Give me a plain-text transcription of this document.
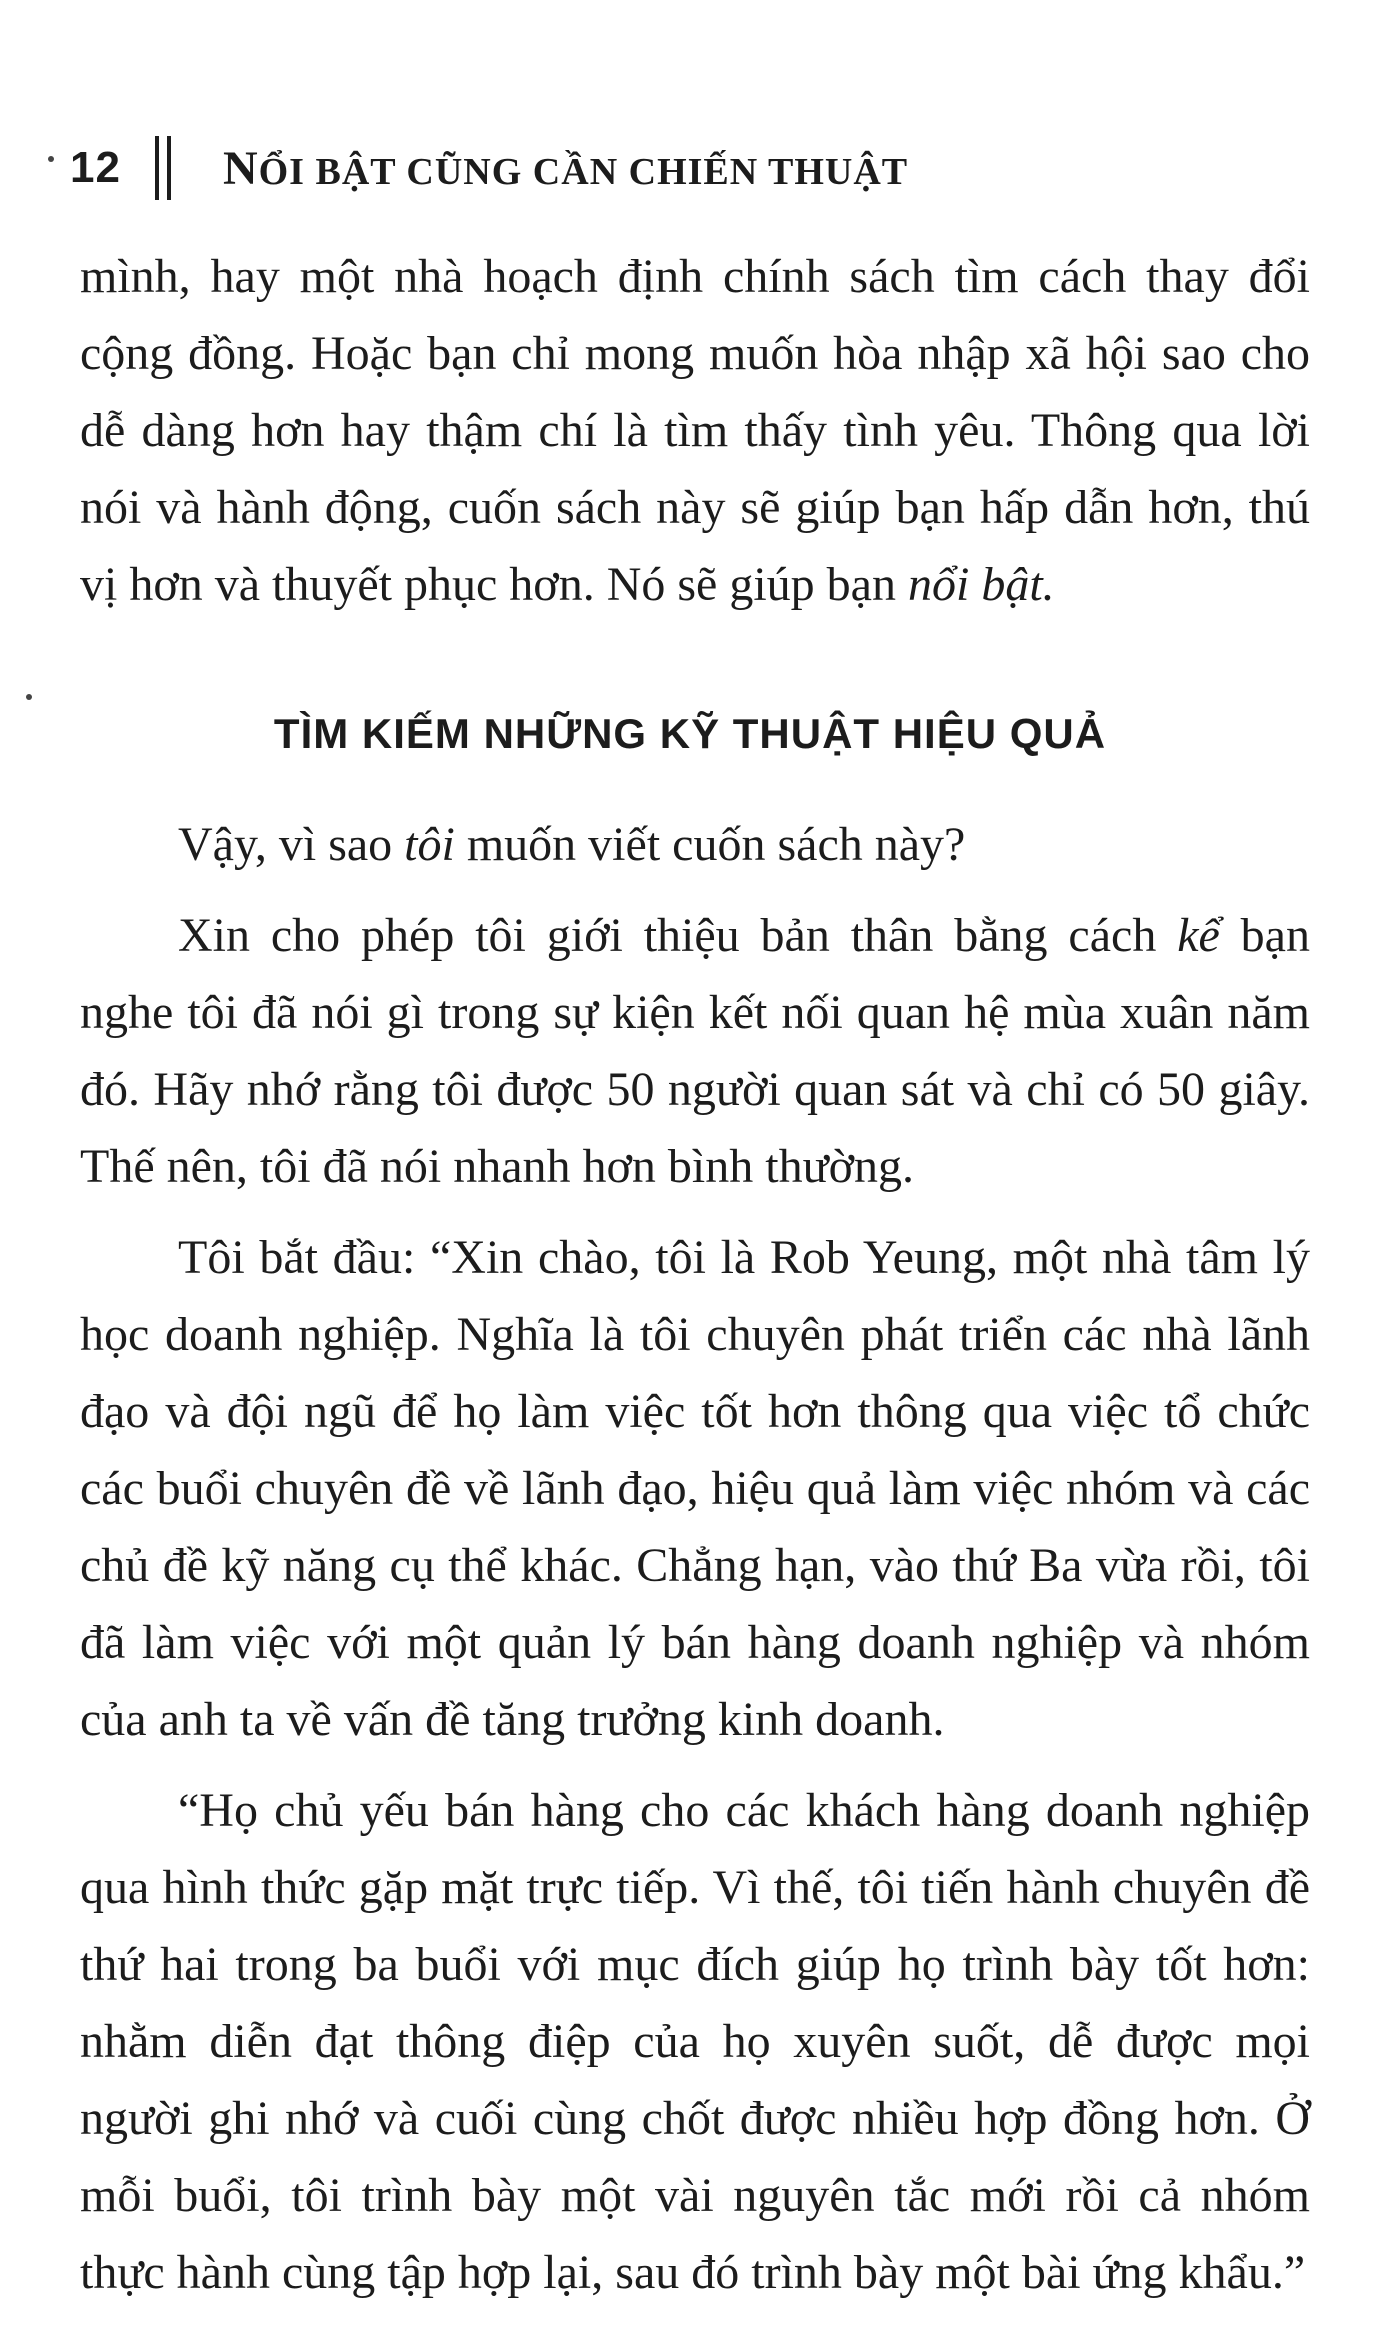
12 NỔI BẬT CŨNG CẦN CHIẾN THUẬT

mình, hay một nhà hoạch định chính sách tìm cách thay đổi cộng đồng. Hoặc bạn chỉ mong muốn hòa nhập xã hội sao cho dễ dàng hơn hay thậm chí là tìm thấy tình yêu. Thông qua lời nói và hành động, cuốn sách này sẽ giúp bạn hấp dẫn hơn, thú vị hơn và thuyết phục hơn. Nó sẽ giúp bạn nổi bật.

TÌM KIẾM NHỮNG KỸ THUẬT HIỆU QUẢ

Vậy, vì sao tôi muốn viết cuốn sách này?

Xin cho phép tôi giới thiệu bản thân bằng cách kể bạn nghe tôi đã nói gì trong sự kiện kết nối quan hệ mùa xuân năm đó. Hãy nhớ rằng tôi được 50 người quan sát và chỉ có 50 giây. Thế nên, tôi đã nói nhanh hơn bình thường.

Tôi bắt đầu: “Xin chào, tôi là Rob Yeung, một nhà tâm lý học doanh nghiệp. Nghĩa là tôi chuyên phát triển các nhà lãnh đạo và đội ngũ để họ làm việc tốt hơn thông qua việc tổ chức các buổi chuyên đề về lãnh đạo, hiệu quả làm việc nhóm và các chủ đề kỹ năng cụ thể khác. Chẳng hạn, vào thứ Ba vừa rồi, tôi đã làm việc với một quản lý bán hàng doanh nghiệp và nhóm của anh ta về vấn đề tăng trưởng kinh doanh.

“Họ chủ yếu bán hàng cho các khách hàng doanh nghiệp qua hình thức gặp mặt trực tiếp. Vì thế, tôi tiến hành chuyên đề thứ hai trong ba buổi với mục đích giúp họ trình bày tốt hơn: nhằm diễn đạt thông điệp của họ xuyên suốt, dễ được mọi người ghi nhớ và cuối cùng chốt được nhiều hợp đồng hơn. Ở mỗi buổi, tôi trình bày một vài nguyên tắc mới rồi cả nhóm thực hành cùng tập hợp lại, sau đó trình bày một bài ứng khẩu.”
